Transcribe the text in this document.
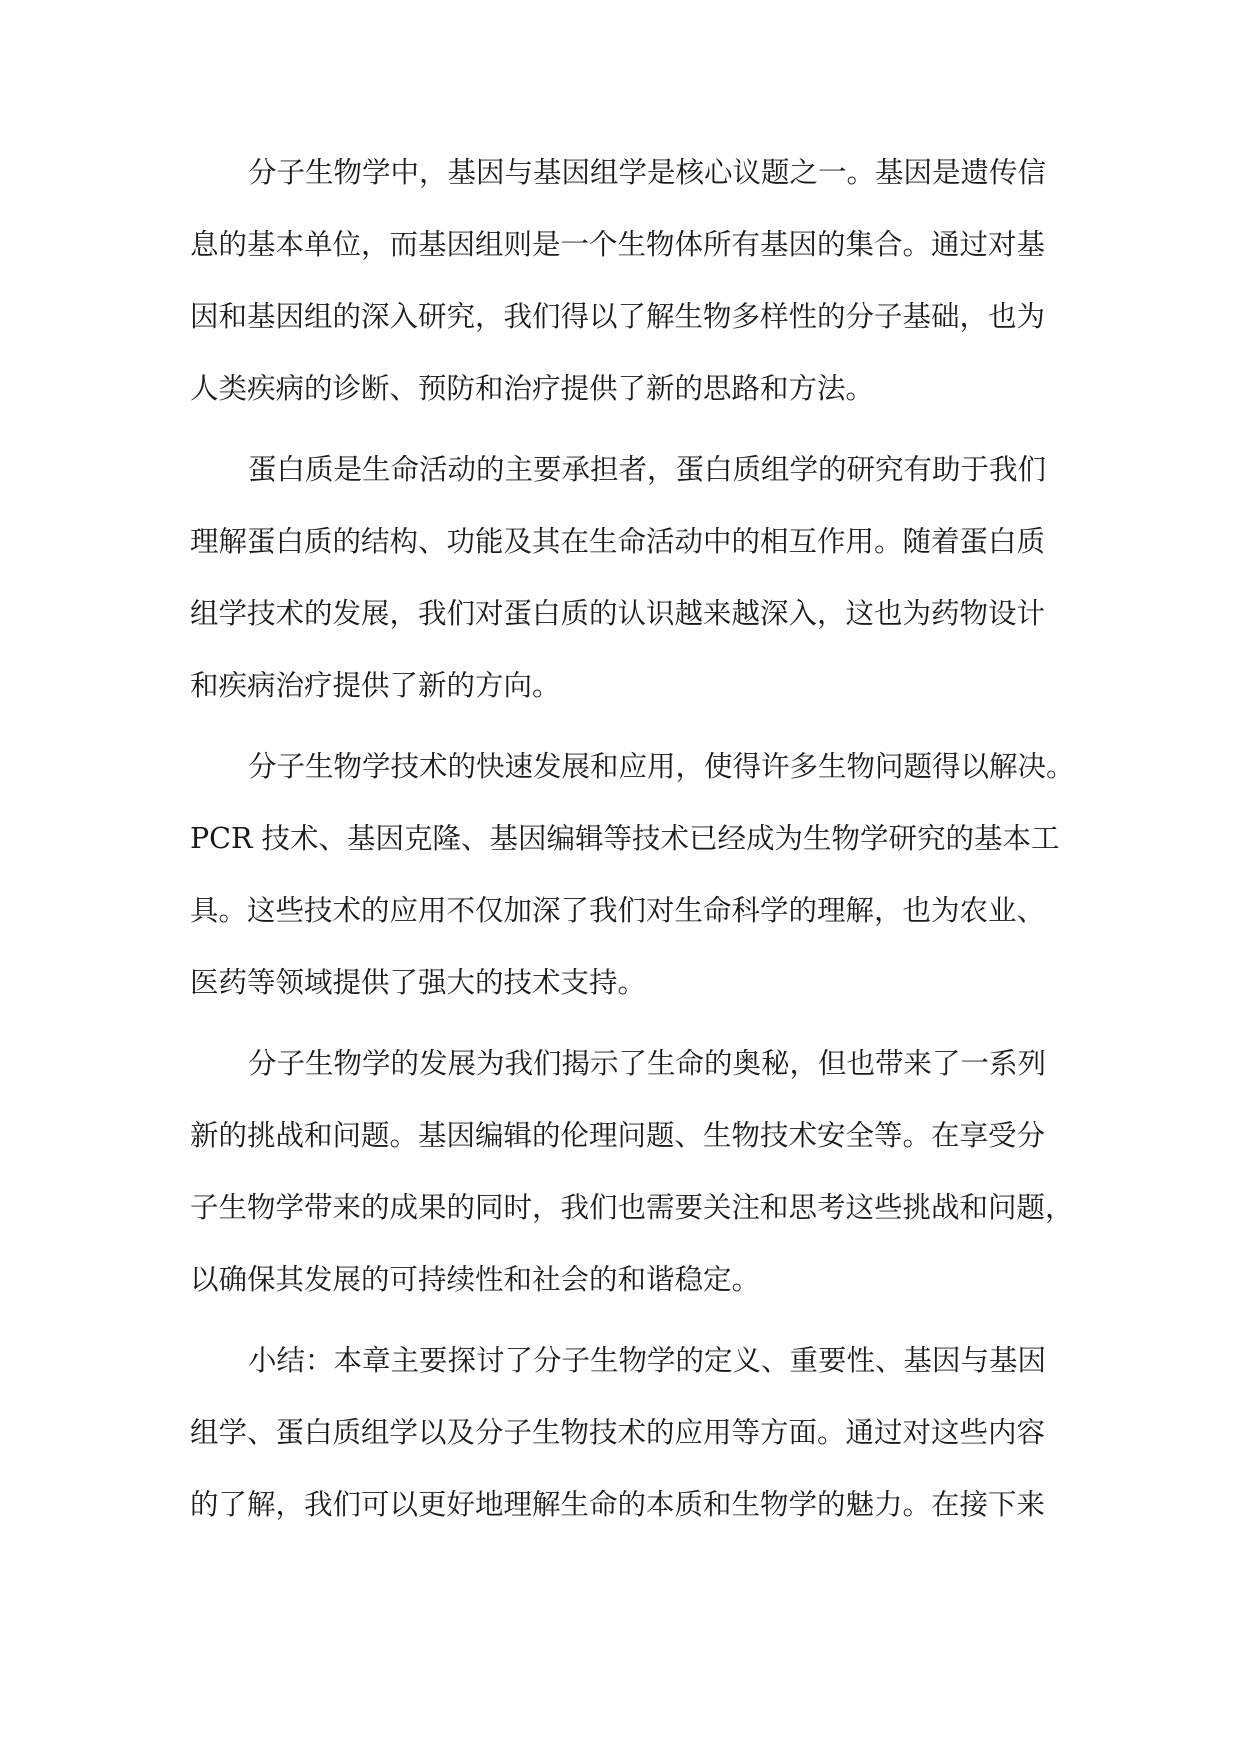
分子生物学中，基因与基因组学是核心议题之一。基因是遗传信

息的基本单位，而基因组则是一个生物体所有基因的集合。通过对基

因和基因组的深入研究，我们得以了解生物多样性的分子基础，也为

人类疾病的诊断、预防和治疗提供了新的思路和方法。

蛋白质是生命活动的主要承担者，蛋白质组学的研究有助于我们

理解蛋白质的结构、功能及其在生命活动中的相互作用。随着蛋白质

组学技术的发展，我们对蛋白质的认识越来越深入，这也为药物设计

和疾病治疗提供了新的方向。

分子生物学技术的快速发展和应用，使得许多生物问题得以解决。

PCR 技术、基因克隆、基因编辑等技术已经成为生物学研究的基本工

具。这些技术的应用不仅加深了我们对生命科学的理解，也为农业、

医药等领域提供了强大的技术支持。

分子生物学的发展为我们揭示了生命的奥秘，但也带来了一系列

新的挑战和问题。基因编辑的伦理问题、生物技术安全等。在享受分

子生物学带来的成果的同时，我们也需要关注和思考这些挑战和问题，

以确保其发展的可持续性和社会的和谐稳定。

小结：本章主要探讨了分子生物学的定义、重要性、基因与基因

组学、蛋白质组学以及分子生物技术的应用等方面。通过对这些内容

的了解，我们可以更好地理解生命的本质和生物学的魅力。在接下来
